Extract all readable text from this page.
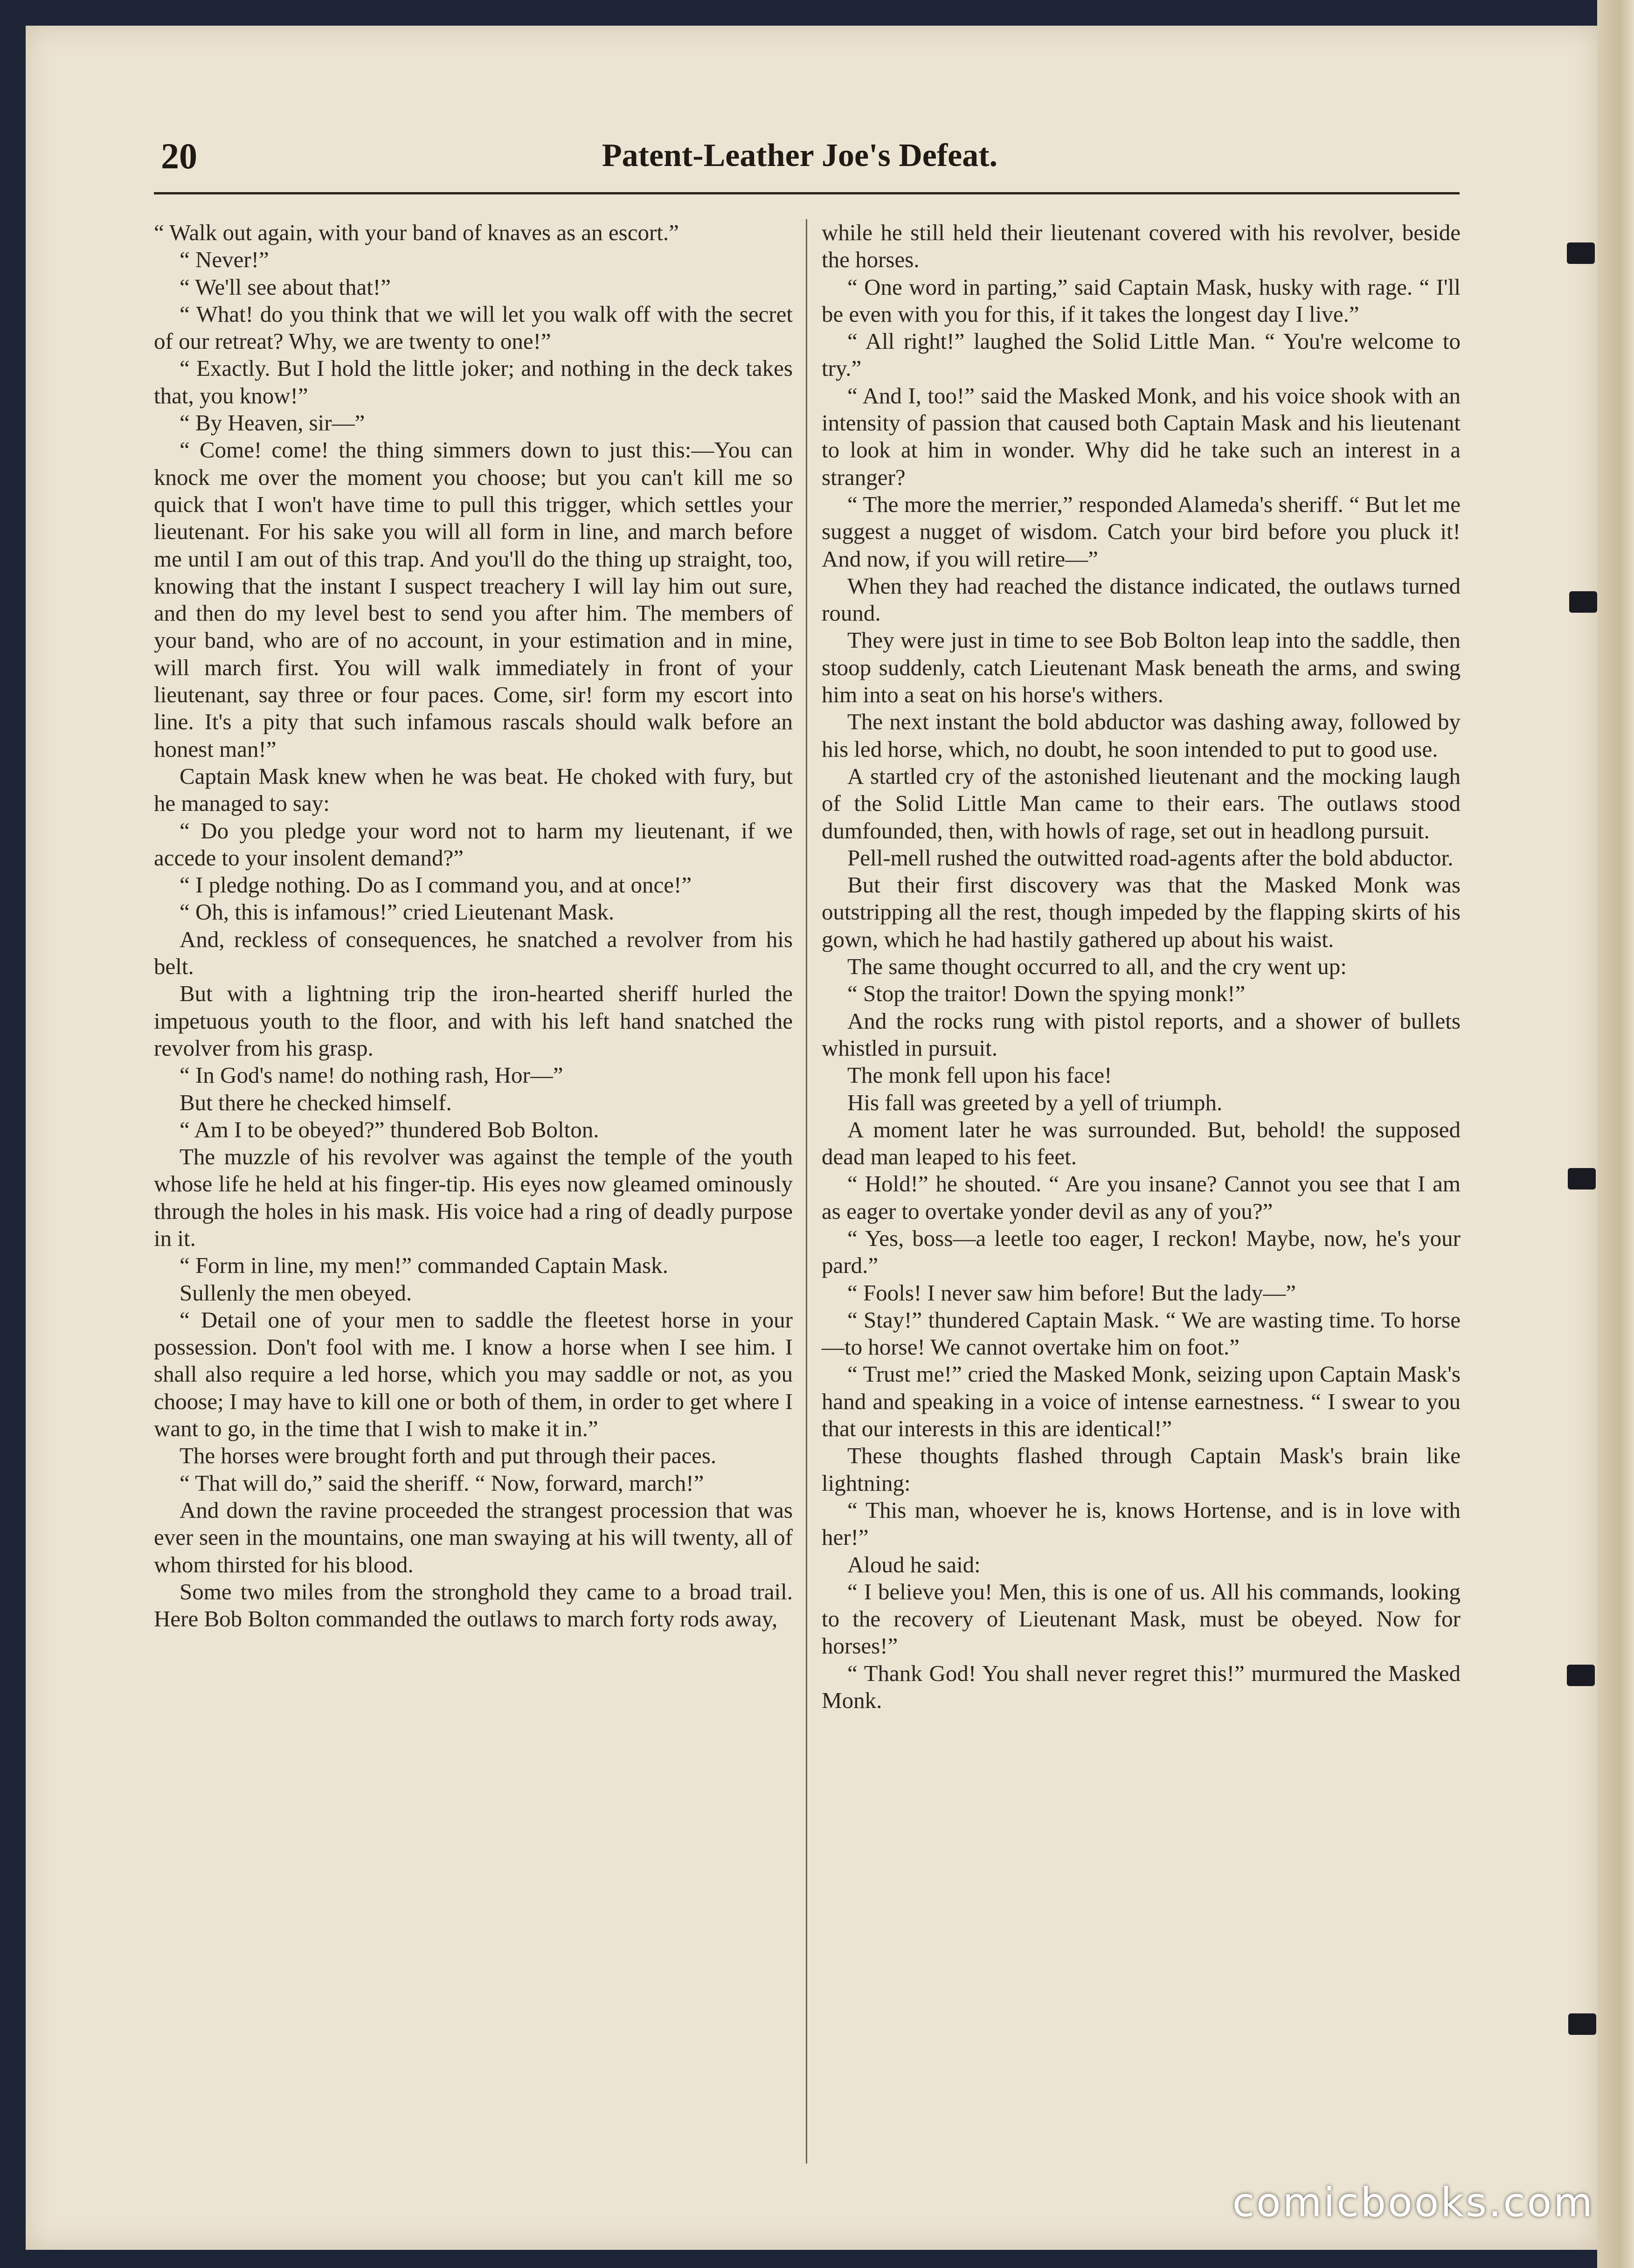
20	Patent-Leather Joe's Defeat.

“ Walk out again, with your band of knaves as an escort.”

“ Never!”

“ We'll see about that!”

“ What! do you think that we will let you walk off with the secret of our retreat? Why, we are twenty to one!”

“ Exactly. But I hold the little joker; and nothing in the deck takes that, you know!”

“ By Heaven, sir—”

“ Come! come! the thing simmers down to just this:—You can knock me over the moment you choose; but you can't kill me so quick that I won't have time to pull this trigger, which settles your lieutenant. For his sake you will all form in line, and march before me until I am out of this trap. And you'll do the thing up straight, too, knowing that the instant I suspect treachery I will lay him out sure, and then do my level best to send you after him. The members of your band, who are of no account, in your estimation and in mine, will march first. You will walk immediately in front of your lieutenant, say three or four paces. Come, sir! form my escort into line. It's a pity that such infamous rascals should walk before an honest man!”

Captain Mask knew when he was beat. He choked with fury, but he managed to say:

“ Do you pledge your word not to harm my lieutenant, if we accede to your insolent demand?”

“ I pledge nothing. Do as I command you, and at once!”

“ Oh, this is infamous!” cried Lieutenant Mask.

And, reckless of consequences, he snatched a revolver from his belt.

But with a lightning trip the iron-hearted sheriff hurled the impetuous youth to the floor, and with his left hand snatched the revolver from his grasp.

“ In God's name! do nothing rash, Hor—”

But there he checked himself.

“ Am I to be obeyed?” thundered Bob Bolton.

The muzzle of his revolver was against the temple of the youth whose life he held at his finger-tip. His eyes now gleamed ominously through the holes in his mask. His voice had a ring of deadly purpose in it.

“ Form in line, my men!” commanded Captain Mask.

Sullenly the men obeyed.

“ Detail one of your men to saddle the fleetest horse in your possession. Don't fool with me. I know a horse when I see him. I shall also require a led horse, which you may saddle or not, as you choose; I may have to kill one or both of them, in order to get where I want to go, in the time that I wish to make it in.”

The horses were brought forth and put through their paces.

“ That will do,” said the sheriff. “ Now, forward, march!”

And down the ravine proceeded the strangest procession that was ever seen in the mountains, one man swaying at his will twenty, all of whom thirsted for his blood.

Some two miles from the stronghold they came to a broad trail. Here Bob Bolton commanded the outlaws to march forty rods away,

while he still held their lieutenant covered with his revolver, beside the horses.

“ One word in parting,” said Captain Mask, husky with rage. “ I'll be even with you for this, if it takes the longest day I live.”

“ All right!” laughed the Solid Little Man. “ You're welcome to try.”

“ And I, too!” said the Masked Monk, and his voice shook with an intensity of passion that caused both Captain Mask and his lieutenant to look at him in wonder. Why did he take such an interest in a stranger?

“ The more the merrier,” responded Alameda's sheriff. “ But let me suggest a nugget of wisdom. Catch your bird before you pluck it! And now, if you will retire—”

When they had reached the distance indicated, the outlaws turned round.

They were just in time to see Bob Bolton leap into the saddle, then stoop suddenly, catch Lieutenant Mask beneath the arms, and swing him into a seat on his horse's withers.

The next instant the bold abductor was dashing away, followed by his led horse, which, no doubt, he soon intended to put to good use.

A startled cry of the astonished lieutenant and the mocking laugh of the Solid Little Man came to their ears. The outlaws stood dumfounded, then, with howls of rage, set out in headlong pursuit.

Pell-mell rushed the outwitted road-agents after the bold abductor.

But their first discovery was that the Masked Monk was outstripping all the rest, though impeded by the flapping skirts of his gown, which he had hastily gathered up about his waist.

The same thought occurred to all, and the cry went up:

“ Stop the traitor! Down the spying monk!”

And the rocks rung with pistol reports, and a shower of bullets whistled in pursuit.

The monk fell upon his face!

His fall was greeted by a yell of triumph.

A moment later he was surrounded. But, behold! the supposed dead man leaped to his feet.

“ Hold!” he shouted. “ Are you insane? Cannot you see that I am as eager to overtake yonder devil as any of you?”

“ Yes, boss—a leetle too eager, I reckon! Maybe, now, he's your pard.”

“ Fools! I never saw him before! But the lady—”

“ Stay!” thundered Captain Mask. “ We are wasting time. To horse—to horse! We cannot overtake him on foot.”

“ Trust me!” cried the Masked Monk, seizing upon Captain Mask's hand and speaking in a voice of intense earnestness. “ I swear to you that our interests in this are identical!”

These thoughts flashed through Captain Mask's brain like lightning:

“ This man, whoever he is, knows Hortense, and is in love with her!”

Aloud he said:

“ I believe you! Men, this is one of us. All his commands, looking to the recovery of Lieutenant Mask, must be obeyed. Now for horses!”

“ Thank God! You shall never regret this!” murmured the Masked Monk.

comicbooks.com
